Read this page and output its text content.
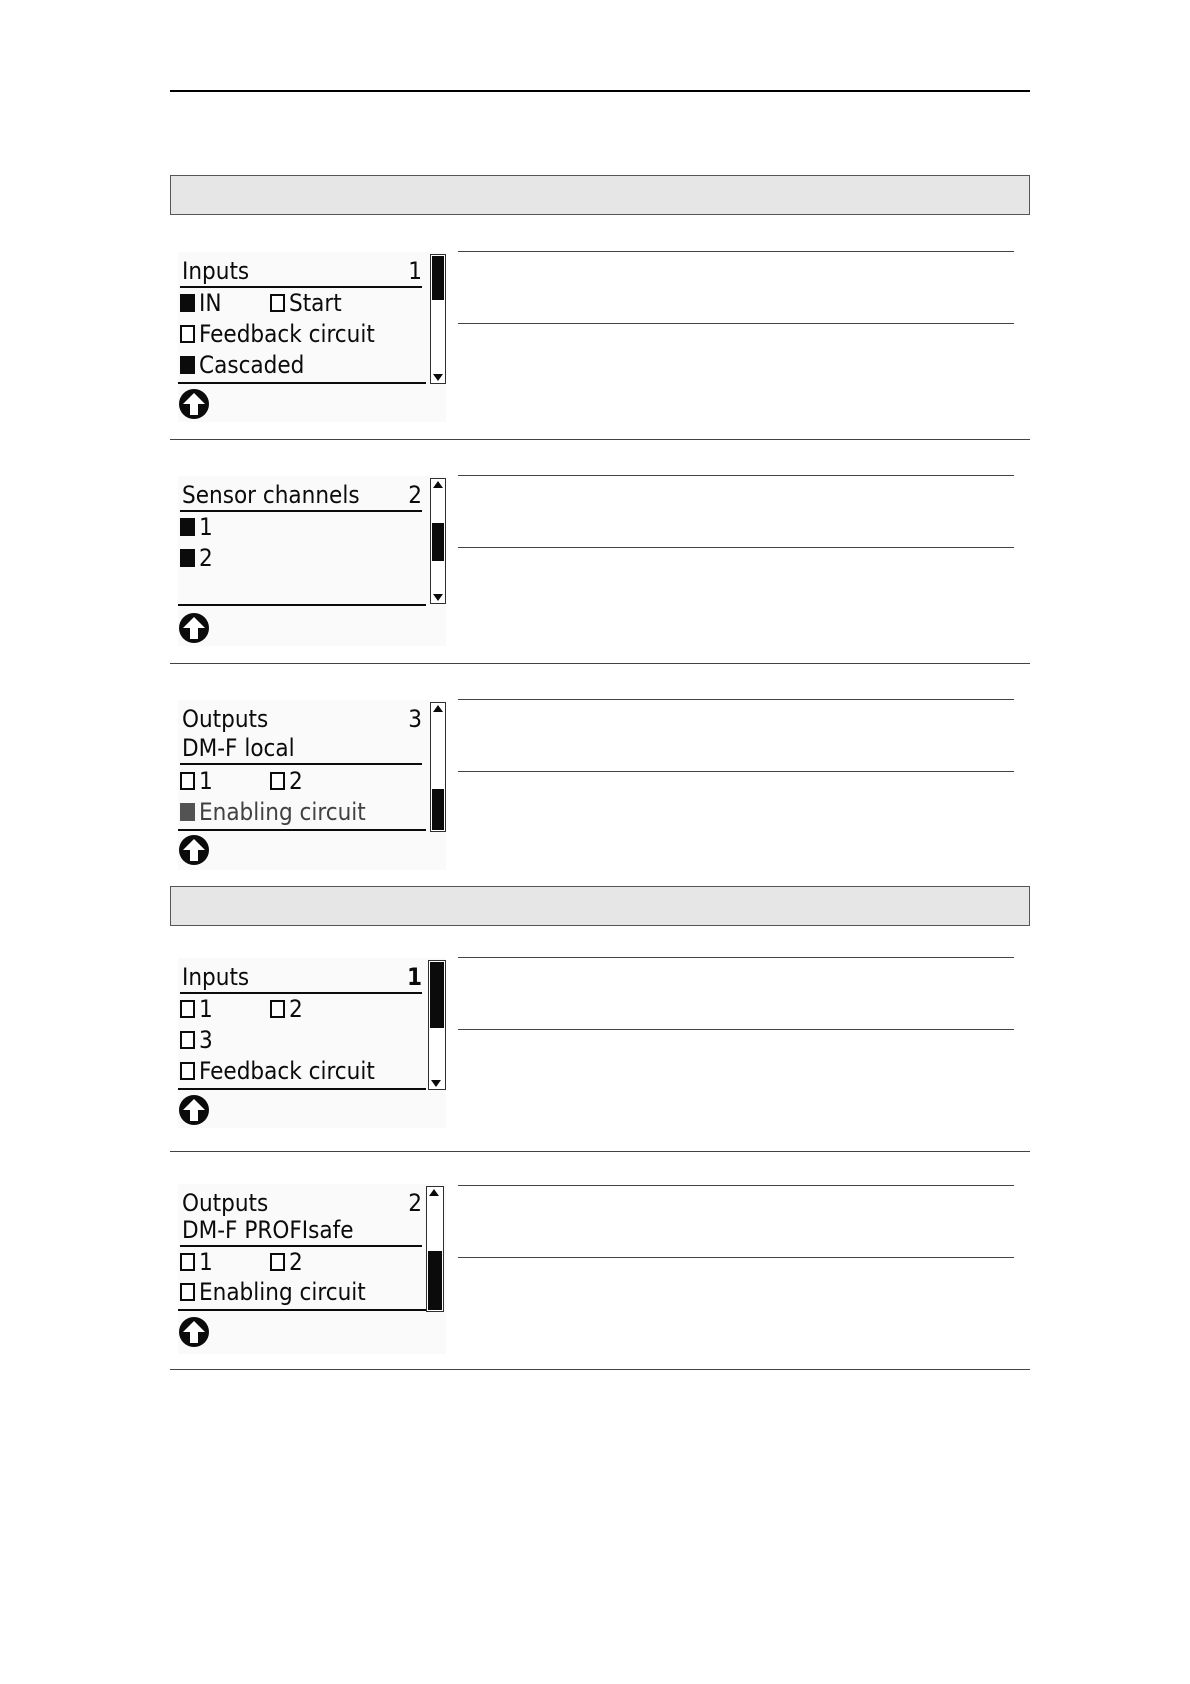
Inputs	1
IN	Start
Feedback circuit
Cascaded
Sensor channels 2
1
2
Outputs	3
DM-F local
1	2
Enabling circuit
Inputs	1
1	2
3
Feedback circuit
Outputs	2
DM-F PROFIsafe
1	2
Enabling circuit
